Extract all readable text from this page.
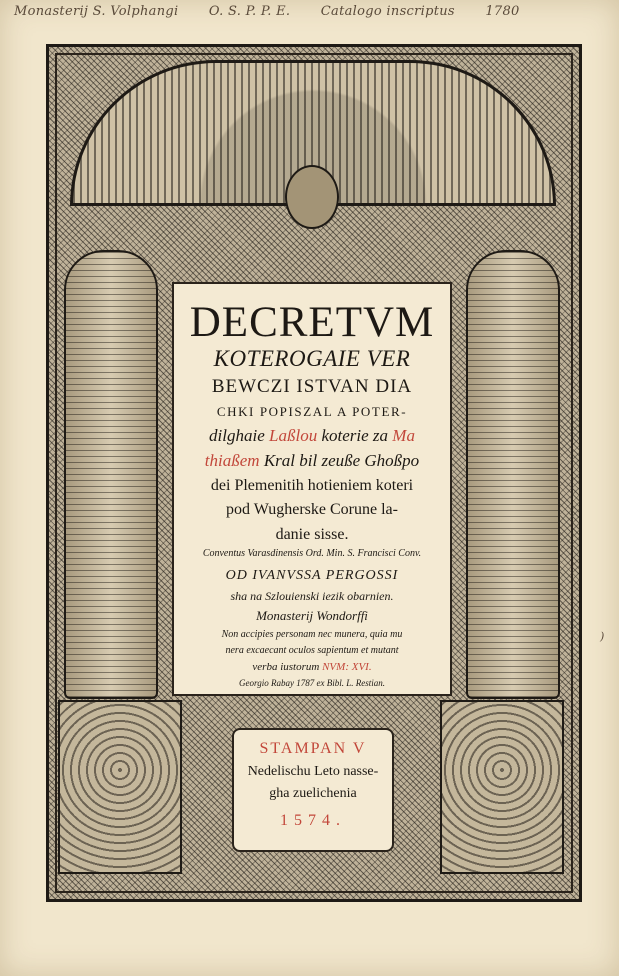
Monasterij S. Volphangi O. S. P. P. E. Catalogo inscriptus 1780
DECRETVM
KOTEROGAIE VER
BEWCZI ISTVAN DIA
CHKI POPISZAL A POTER-
dilghaie Laßlou koterie za Ma
thiaßem Kral bil zeuße Ghoßpo
dei Plemenitih hotieniem koteri
pod Wugherske Corune la-
danie sisse.
Conventus Varasdinensis Ord. Min. S. Francisci Conv.
OD IVANVSSA PERGOSSI
sha na Szlouienski iezik obarnien.
Monasterij Wondorffi
Non accipies personam nec munera, quia mu
nera excaecant oculos sapientum et mutant
verba iustorum NVM: XVI.
Georgio Rabay 1787 ex Bibl. L. Restian.
STAMPAN V
Nedelischu Leto nasse-
gha zuelichenia
1574.
)
